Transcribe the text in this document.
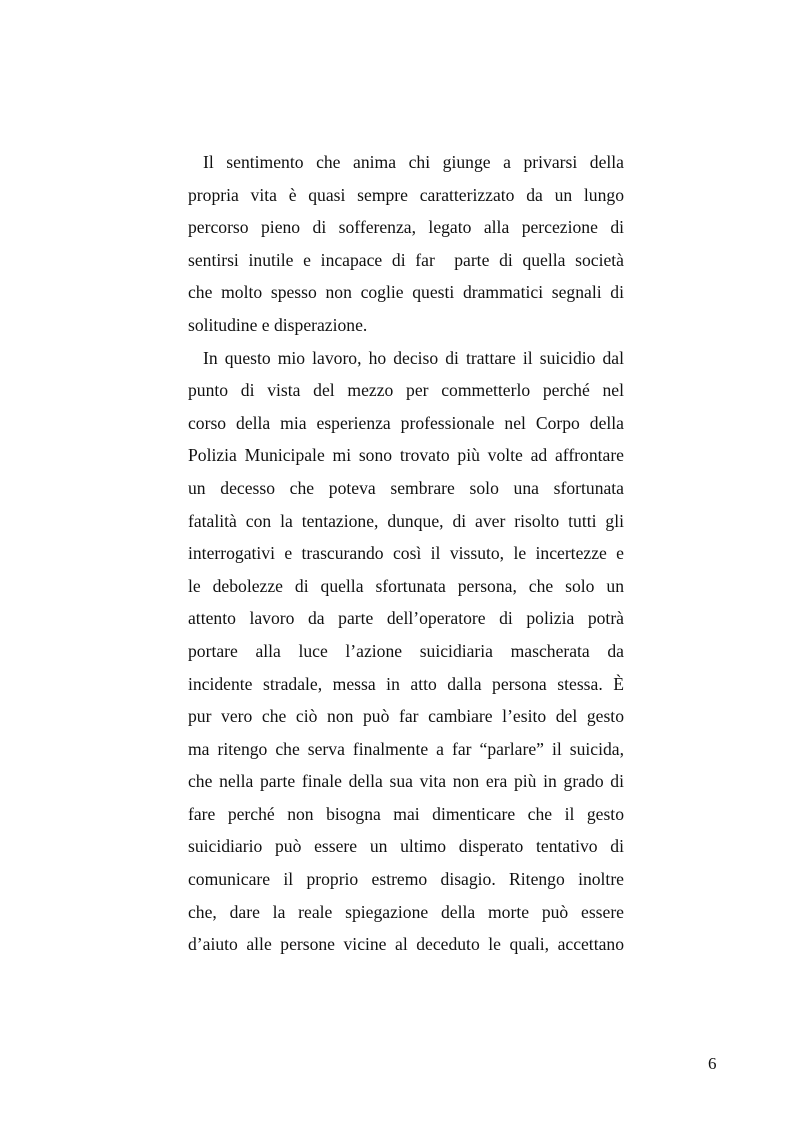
Il sentimento che anima chi giunge a privarsi della
propria vita è quasi sempre caratterizzato da un lungo
percorso pieno di sofferenza, legato alla percezione di
sentirsi inutile e incapace di far  parte di quella società
che molto spesso non coglie questi drammatici segnali di
solitudine e disperazione.
In questo mio lavoro, ho deciso di trattare il suicidio dal
punto di vista del mezzo per commetterlo perché nel
corso della mia esperienza professionale nel Corpo della
Polizia Municipale mi sono trovato più volte ad affrontare
un decesso che poteva sembrare solo una sfortunata
fatalità con la tentazione, dunque, di aver risolto tutti gli
interrogativi e trascurando così il vissuto, le incertezze e
le debolezze di quella sfortunata persona, che solo un
attento lavoro da parte dell’operatore di polizia potrà
portare alla luce l’azione suicidiaria mascherata da
incidente stradale, messa in atto dalla persona stessa. È
pur vero che ciò non può far cambiare l’esito del gesto
ma ritengo che serva finalmente a far “parlare” il suicida,
che nella parte finale della sua vita non era più in grado di
fare perché non bisogna mai dimenticare che il gesto
suicidiario può essere un ultimo disperato tentativo di
comunicare il proprio estremo disagio. Ritengo inoltre
che, dare la reale spiegazione della morte può essere
d’aiuto alle persone vicine al deceduto le quali, accettano
6
